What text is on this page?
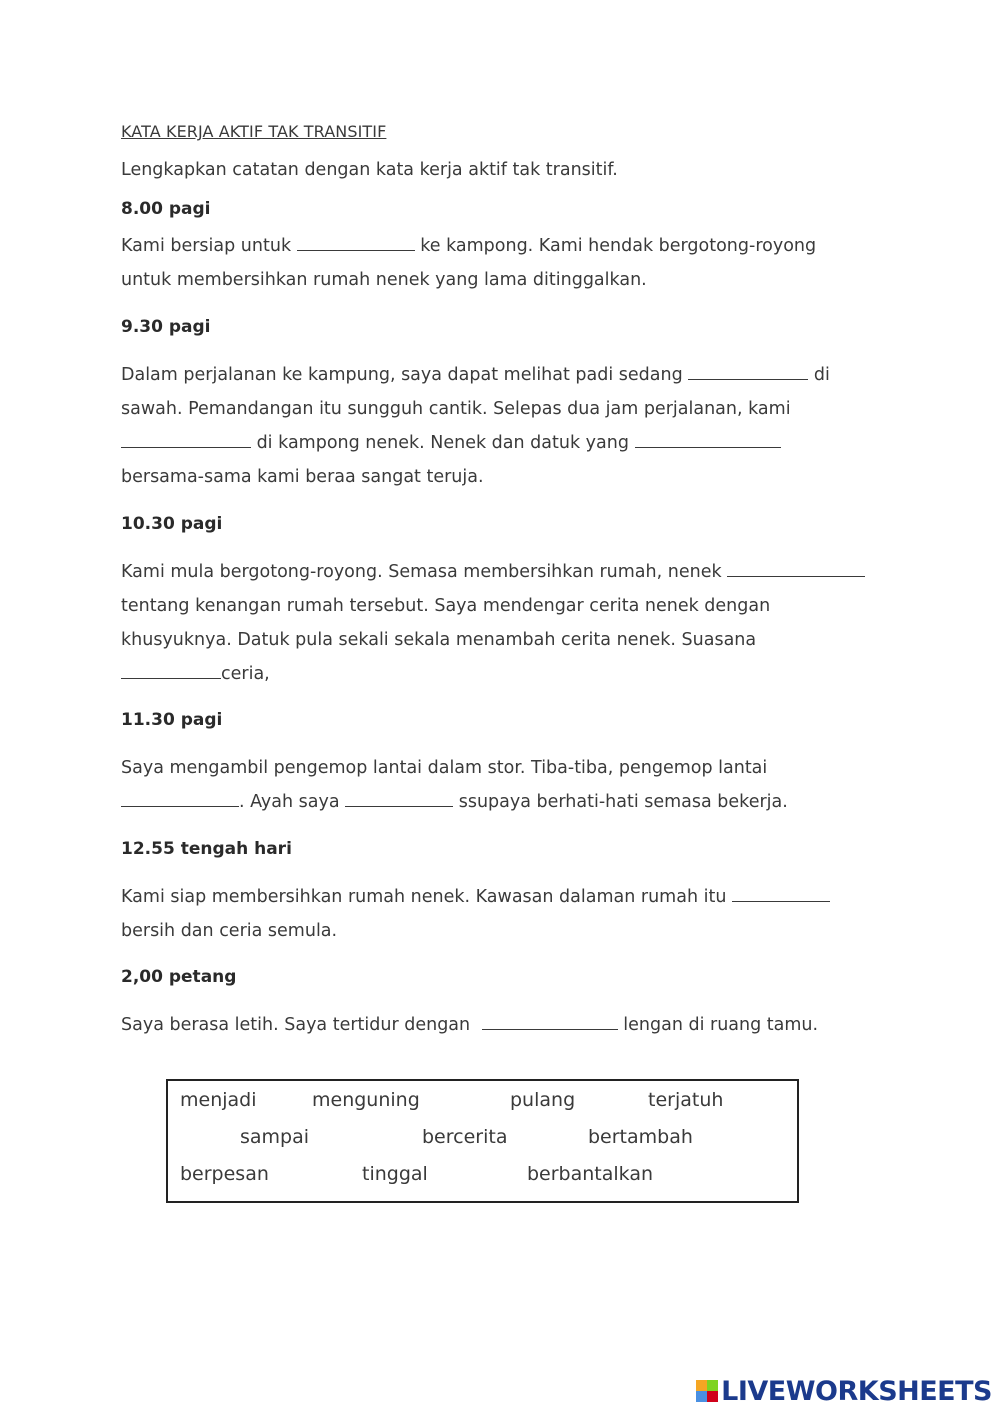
KATA KERJA AKTIF TAK TRANSITIF
Lengkapkan catatan dengan kata kerja aktif tak transitif.
8.00 pagi
Kami bersiap untuk	ke kampong. Kami hendak bergotong-royong
untuk membersihkan rumah nenek yang lama ditinggalkan.
9.30 pagi
Dalam perjalanan ke kampung, saya dapat melihat padi sedang	di
sawah. Pemandangan itu sungguh cantik. Selepas dua jam perjalanan, kami
di kampong nenek. Nenek dan datuk yang
bersama-sama kami beraa sangat teruja.
10.30 pagi
Kami mula bergotong-royong. Semasa membersihkan rumah, nenek
tentang kenangan rumah tersebut. Saya mendengar cerita nenek dengan
khusyuknya. Datuk pula sekali sekala menambah cerita nenek. Suasana
ceria,
11.30 pagi
Saya mengambil pengemop lantai dalam stor. Tiba-tiba, pengemop lantai
. Ayah saya	ssupaya berhati-hati semasa bekerja.
12.55 tengah hari
Kami siap membersihkan rumah nenek. Kawasan dalaman rumah itu
bersih dan ceria semula.
2,00 petang
Saya berasa letih. Saya tertidur dengan	lengan di ruang tamu.
menjadi	menguning	pulang	terjatuh
sampai	bercerita	bertambah
berpesan	tinggal	berbantalkan
LIVEWORKSHEETS
